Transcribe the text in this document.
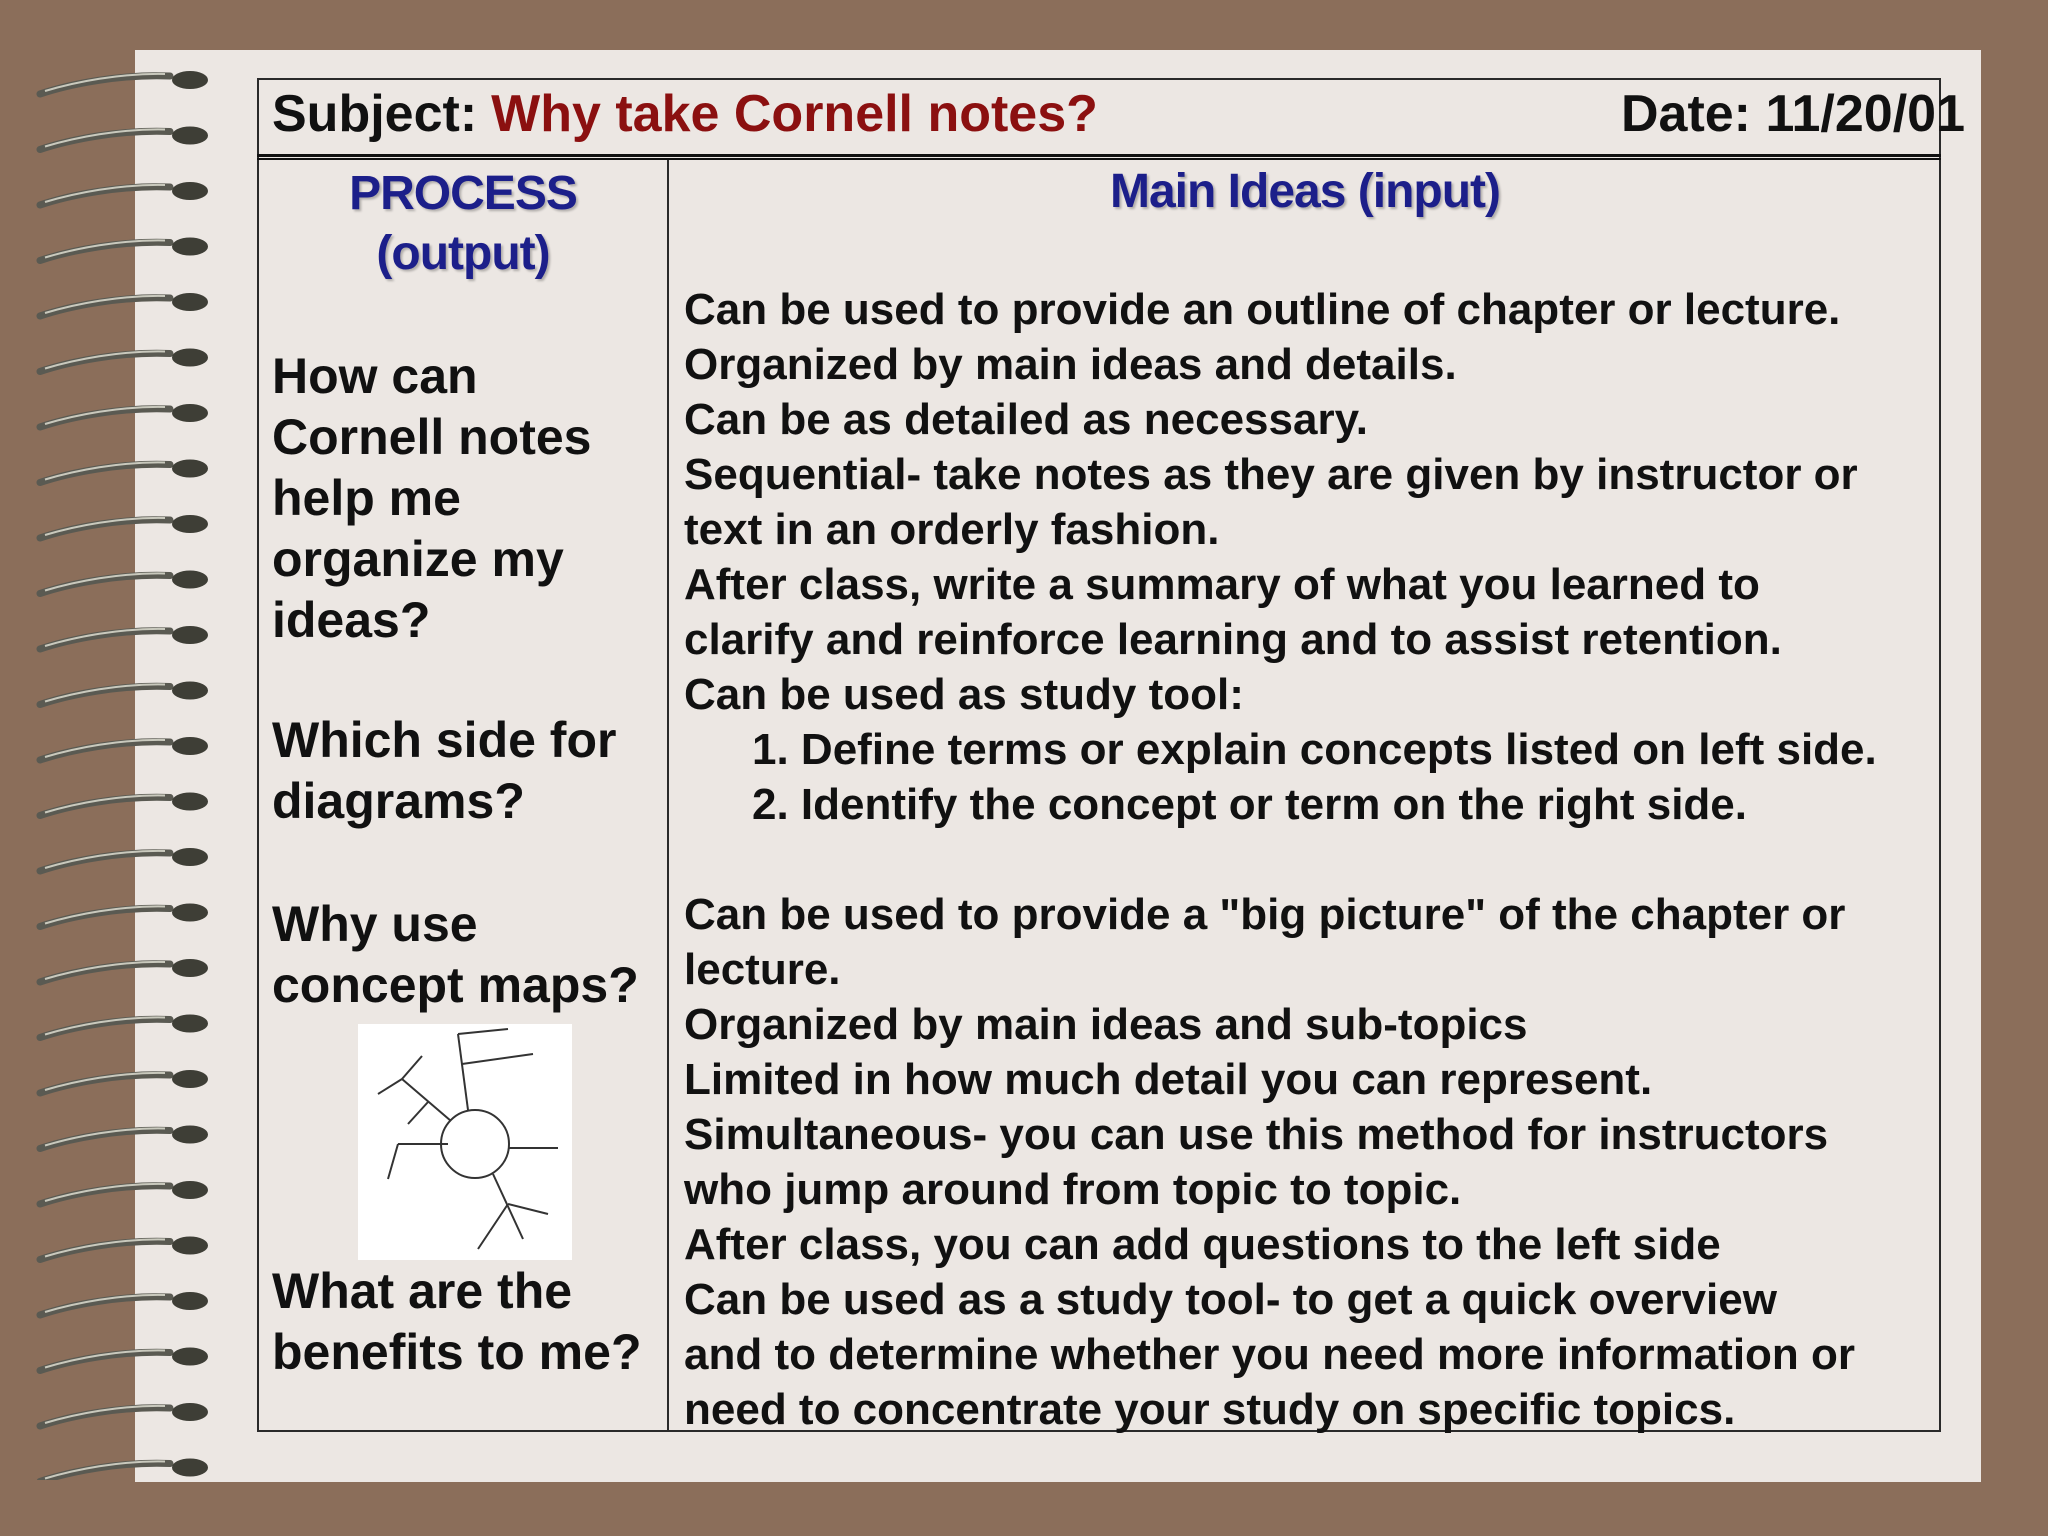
Subject: Why take Cornell notes?	Date: 11/20/01
PROCESS
(output)
Main Ideas (input)
How can
Cornell notes
help me
organize my
ideas?
Which side for
diagrams?
Why use
concept maps?
What are the
benefits to me?
Can be used to provide an outline of chapter or lecture.
Organized by main ideas and details.
Can be as detailed as necessary.
Sequential- take notes as they are given by instructor or
text in an orderly fashion.
After class, write a summary of what you learned to
clarify and reinforce learning and to assist retention.
Can be used as study tool:
1. Define terms or explain concepts listed on left side.
2. Identify the concept or term on the right side.
Can be used to provide a "big picture" of the chapter or
lecture.
Organized by main ideas and sub-topics
Limited in how much detail you can represent.
Simultaneous- you can use this method for instructors
who jump around from topic to topic.
After class, you can add questions to the left side
Can be used as a study tool- to get a quick overview
and to determine whether you need more information or
need to concentrate your study on specific topics.
